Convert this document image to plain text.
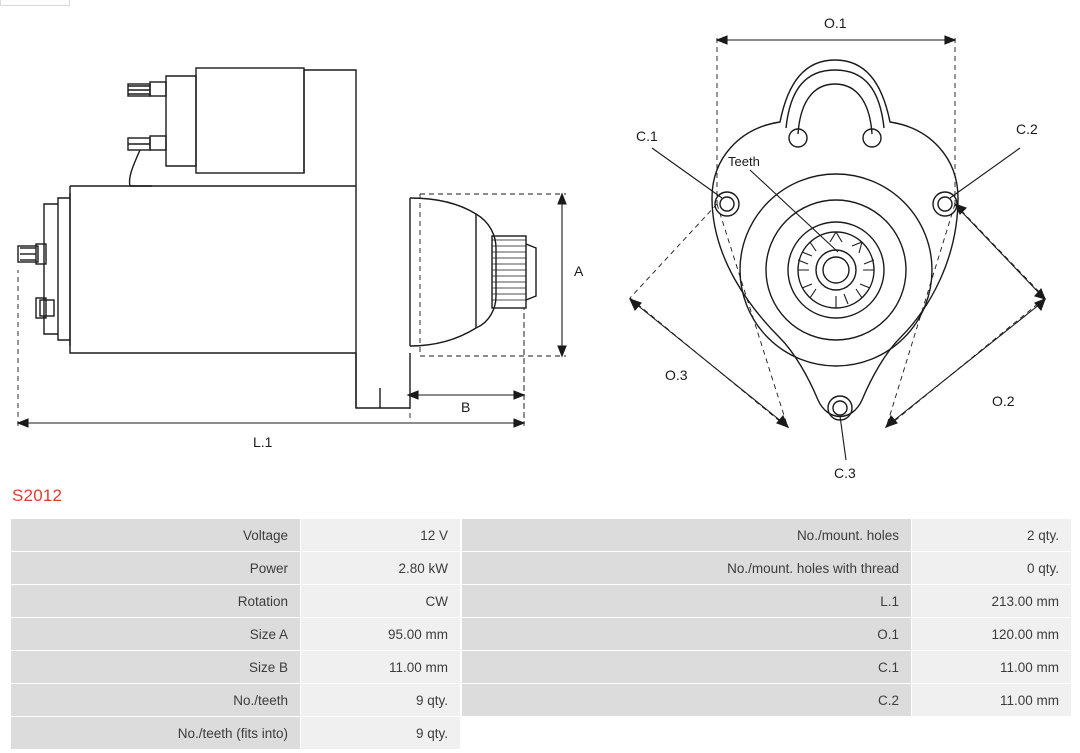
A
B
L.1
O.1
O.2
O.3
C.1	C.2
C.3
Teeth
S2012
Voltage	12 V
Power	2.80 kW
Rotation	CW
Size A	95.00 mm
Size B	11.00 mm
No./teeth	9 qty.
No./teeth (fits into)	9 qty.
No./mount. holes	2 qty.
No./mount. holes with thread	0 qty.
L.1	213.00 mm
O.1	120.00 mm
C.1	11.00 mm
C.2	11.00 mm
